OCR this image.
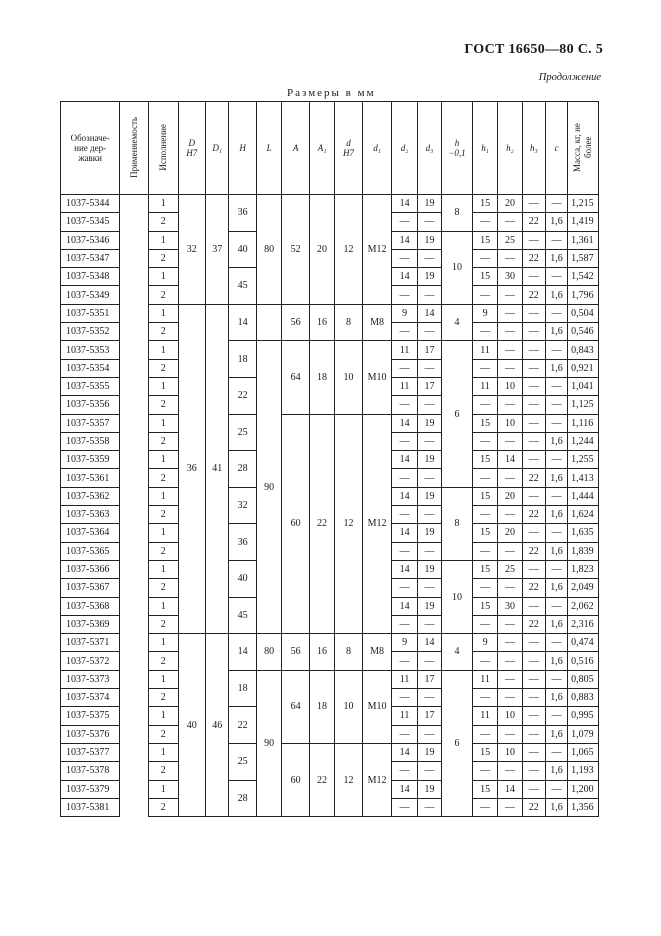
ГОСТ 16650—80 С. 5
Продолжение
Размеры в мм
Обозначе-
ние дер-
жавки	Применяемость	Исполнение	D
H7	D₁	H	L	A	A₁	d
H7	d₁	d₂	d₃	h
−0,1	h₁	h₂	h₃	c	Масса, кг, не
более
1037-5344		1	32	37	36	80	52	20	12	M12	14	19	8	15	20	—	—	1,215
1037-5345		2									—	—		—	—	22	1,6	1,419
1037-5346		1			40						14	19	10	15	25	—	—	1,361
1037-5347		2									—	—		—	—	22	1,6	1,587
1037-5348		1			45						14	19		15	30	—	—	1,542
1037-5349		2									—	—		—	—	22	1,6	1,796
1037-5351		1	36	41	14		56	16	8	M8	9	14	4	9	—	—	—	0,504
1037-5352		2									—	—		—	—	—	1,6	0,546
1037-5353		1			18	90	64	18	10	M10	11	17	6	11	—	—	—	0,843
1037-5354		2									—	—		—	—	—	1,6	0,921
1037-5355		1			22						11	17		11	10	—	—	1,041
1037-5356		2									—	—		—	—	—	—	1,125
1037-5357		1			25		60	22	12	M12	14	19		15	10	—	—	1,116
1037-5358		2									—	—		—	—	—	1,6	1,244
1037-5359		1			28						14	19		15	14	—	—	1,255
1037-5361		2									—	—		—	—	22	1,6	1,413
1037-5362		1			32						14	19	8	15	20	—	—	1,444
1037-5363		2									—	—		—	—	22	1,6	1,624
1037-5364		1			36						14	19		15	20	—	—	1,635
1037-5365		2									—	—		—	—	22	1,6	1,839
1037-5366		1			40						14	19	10	15	25	—	—	1,823
1037-5367		2									—	—		—	—	22	1,6	2,049
1037-5368		1			45						14	19		15	30	—	—	2,062
1037-5369		2									—	—		—	—	22	1,6	2,316
1037-5371		1	40	46	14	80	56	16	8	M8	9	14	4	9	—	—	—	0,474
1037-5372		2									—	—		—	—	—	1,6	0,516
1037-5373		1			18	90	64	18	10	M10	11	17	6	11	—	—	—	0,805
1037-5374		2									—	—		—	—	—	1,6	0,883
1037-5375		1			22						11	17		11	10	—	—	0,995
1037-5376		2									—	—		—	—	—	1,6	1,079
1037-5377		1			25		60	22	12	M12	14	19		15	10	—	—	1,065
1037-5378		2									—	—		—	—	—	1,6	1,193
1037-5379		1			28						14	19		15	14	—	—	1,200
1037-5381		2									—	—		—	—	22	1,6	1,356
